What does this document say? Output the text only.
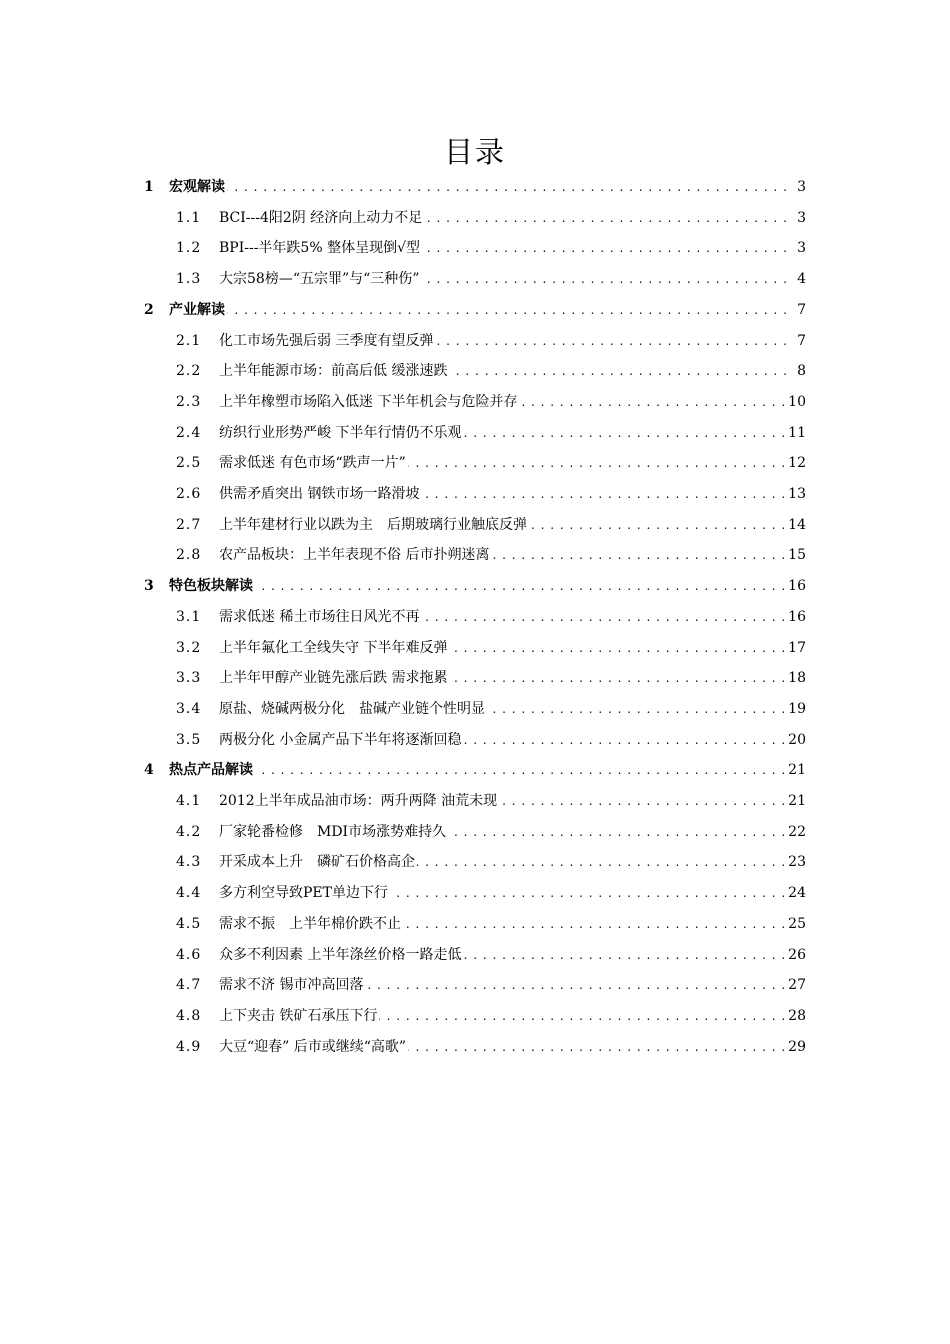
目录
1	宏观解读 . . .	3
1.1	BCI---4阳2阴 经济向上动力不足 . . .	3
1.2	BPI---半年跌5% 整体呈现倒√型 . . .	3
1.3	大宗58榜—“五宗罪”与“三种伤” . . .	4
2	产业解读 . . .	7
2.1	化工市场先强后弱 三季度有望反弹 . . .	7
2.2	上半年能源市场：前高后低 缓涨速跌 . . .	8
2.3	上半年橡塑市场陷入低迷 下半年机会与危险并存 . . .	10
2.4	纺织行业形势严峻 下半年行情仍不乐观 . . .	11
2.5	需求低迷 有色市场“跌声一片” . . .	12
2.6	供需矛盾突出 钢铁市场一路滑坡 . . .	13
2.7	上半年建材行业以跌为主　后期玻璃行业触底反弹 . . .	14
2.8	农产品板块：上半年表现不俗 后市扑朔迷离 . . .	15
3	特色板块解读 . . .	16
3.1	需求低迷 稀土市场往日风光不再 . . .	16
3.2	上半年氟化工全线失守 下半年难反弹 . . .	17
3.3	上半年甲醇产业链先涨后跌 需求拖累 . . .	18
3.4	原盐、烧碱两极分化　盐碱产业链个性明显 . . .	19
3.5	两极分化 小金属产品下半年将逐渐回稳 . . .	20
4	热点产品解读 . . .	21
4.1	2012上半年成品油市场：两升两降 油荒未现 . . .	21
4.2	厂家轮番检修　MDI市场涨势难持久 . . .	22
4.3	开采成本上升　磷矿石价格高企 . . .	23
4.4	多方利空导致PET单边下行 . . .	24
4.5	需求不振　上半年棉价跌不止 . . .	25
4.6	众多不利因素 上半年涤丝价格一路走低 . . .	26
4.7	需求不济 锡市冲高回落 . . .	27
4.8	上下夹击 铁矿石承压下行 . . .	28
4.9	大豆“迎春” 后市或继续“高歌” . . .	29
